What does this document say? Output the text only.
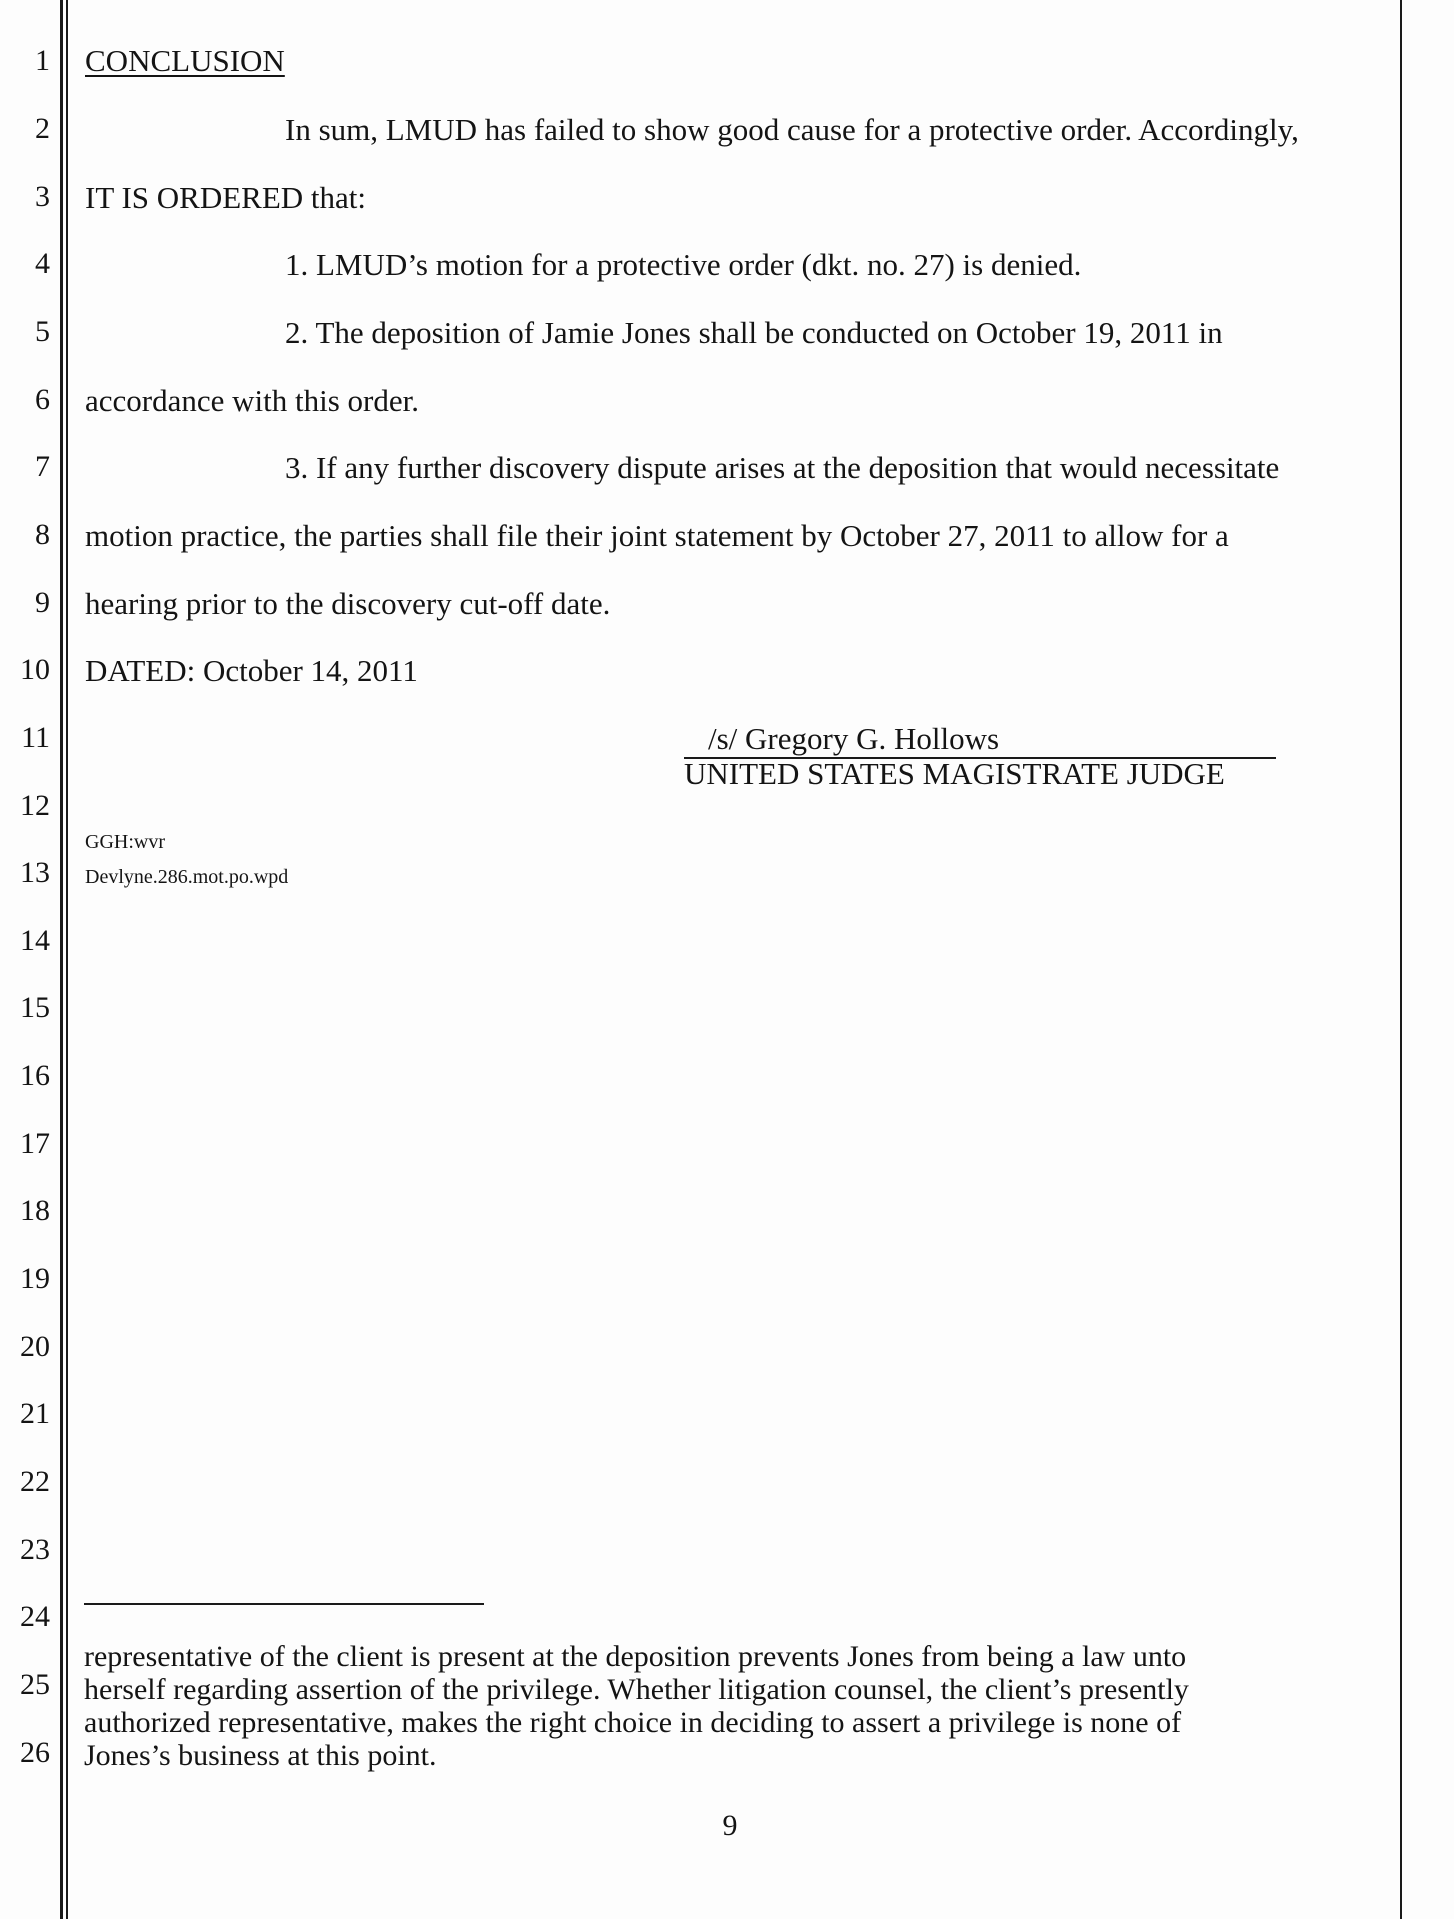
1
2
3
4
5
6
7
8
9
10
11
12
13
14
15
16
17
18
19
20
21
22
23
24
25
26
CONCLUSION
In sum, LMUD has failed to show good cause for a protective order. Accordingly,
IT IS ORDERED that:
1. LMUD’s motion for a protective order (dkt. no. 27) is denied.
2. The deposition of Jamie Jones shall be conducted on October 19, 2011 in
accordance with this order.
3. If any further discovery dispute arises at the deposition that would necessitate
motion practice, the parties shall file their joint statement by October 27, 2011 to allow for a
hearing prior to the discovery cut-off date.
DATED: October 14, 2011
/s/ Gregory G. Hollows
UNITED STATES MAGISTRATE JUDGE
GGH:wvr
Devlyne.286.mot.po.wpd
representative of the client is present at the deposition prevents Jones from being a law unto
herself regarding assertion of the privilege. Whether litigation counsel, the client’s presently
authorized representative, makes the right choice in deciding to assert a privilege is none of
Jones’s business at this point.
9
